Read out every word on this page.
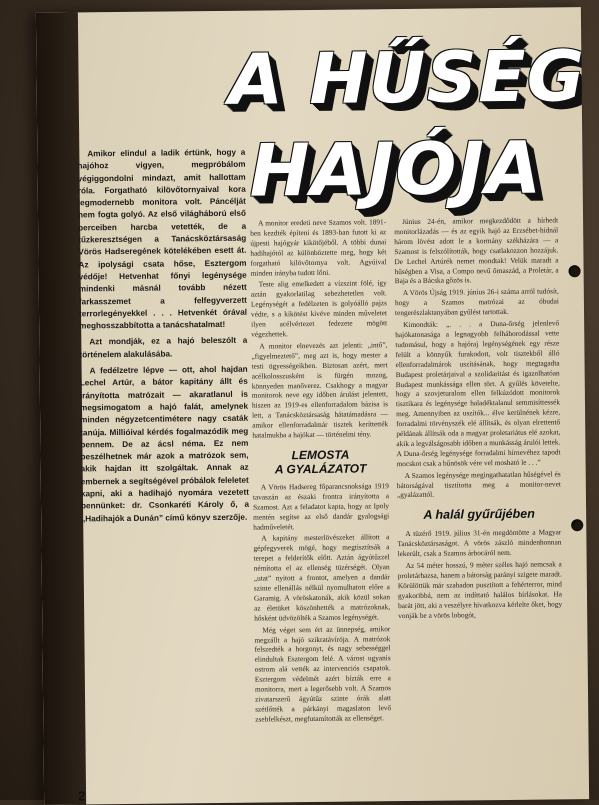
A HŰSÉG
HAJÓJA

Amikor elindul a ladik értünk, hogy a hajóhoz vigyen, megpróbálom végiggondolni mindazt, amit hallottam róla. Forgatható kilövőtornyaival kora legmodernebb monitora volt. Páncélját nem fogta golyó. Az első világháború első perceiben harcba vetették, de a tűzkeresztségen a Tanácsköztársaság Vörös Hadseregének kötelékében esett át. Az ipolysági csata hőse, Esztergom védője! Hetvenhat főnyi legénysége mindenki másnál tovább nézett farkasszemet a felfegyverzett terrorlegényekkel . . . Hetvenkét órával meghosszabbította a tanácshatalmat!

Azt mondják, ez a hajó beleszólt a történelem alakulásába.

A fedélzetre lépve — ott, ahol hajdan Lechel Artúr, a bátor kapitány állt és irányította matrózait — akaratlanul is megsimogatom a hajó falát, amelynek minden négyzetcentimétere nagy csaták tanúja. Millióival kérdés fogalmazódik meg bennem. De az ácsl néma. Ez nem beszélhetnek már azok a matrózok sem, akik hajdan itt szolgáltak. Annak az embernek a segítségével próbálok feleletet kapni, aki a hadihajó nyomára vezetett bennünket: dr. Csonkaréti Károly ő, a „Hadihajók a Dunán” című könyv szerzője.

A monitor eredeti neve Szamos volt. 1891-ben kezdték építeni és 1893-ban futott ki az újpesti hajógyár kikötőjéből. A többi dunai hadihajótól az különböztette meg, hogy két forgatható kilövőtornya volt. Agyúival minden irányba tudott lőni.

Teste alig emelkedett a vízszint fölé, így aztán gyakorlatilag sebezhetetlen volt. Legénységét a fedélzeten is golyóálló pajzs védte, s a kikötést kivéve minden műveletet ilyen acélvértezet fedezete mögött végezhettek.

A monitor elnevezés azt jelenti: „intő”, „figyelmeztető”, meg azt is, hogy mester a testi ügyességeikben. Biztosan azért, mert acélkolosszusként is fürgén mozog, könnyeden manőverez. Csakhogy a magyar monitorok neve egy időben árulást jelentett, hiszen az 1919-es ellenforradalom bázisa is lett, a Tanácsköztársaság hátatámadásra — amikor ellenforradalmár tisztek keríttették hatalmukba a hajókat — történelmi tény.

LEMOSTA
A GYALÁZATOT

A Vörös Hadsereg főparancsnoksága 1919 tavaszán az északi frontra irányította a Szamost. Azt a feladatot kapta, hogy az Ipoly mentén segítse az első dandár gyalogsági hadműveletét.

A kapitány mesterlövészeket állított a gépfegyverek mögé, hogy megtisztítsák a terepet a felderítők előtt. Aztán ágyútűzzel némította el az ellenség tüzérségét. Olyan „utat” nyitott a frontot, amelyen a dandár szinte ellenállás nélkül nyomulhatott előre a Garamig. A vöröskatonák, akik közül sokan az életüket köszönhették a matrózoknak, hősként üdvözölték a Szamos legénységét.

Még véget sem ért az ünnepség, amikor megzállt a hajó szikratávírója. A matrózok felszedték a horgonyt, és nagy sebességgel elindultak Esztergom felé. A várost ugyanis ostrom alá vették az intervenciós csapatok. Esztergom védelmét azért bízták erre a monitorra, mert a legerősebb volt. A Szamos zivatarszerű ágyútűz szinte órák alatt szétlőtték a párkányi magaslaton levő zsebfelkészt, megfutamították az ellenséget.

Június 24-én, amikor megkezdődött a hírhedt monitorlázadás — és az egyik hajó az Erzsébet-hídnál három lövést adott le a kormány székházára — a Szamost is felszólították, hogy csatlakozzon hozzájuk. De Lechel Artúrék nemet mondtak! Velük maradt a hűségben a Visa, a Compo nevű őrnaszád, a Proletár, a Baja és a Bácska gőzös is.

A Vörös Újság 1919. június 26-i száma arról tudósít, hogy a Szamos matrózai az óbudai tengerészlaktanyában gyűlést tartottak.

Kimondták: „. . . a Duna-őrség jelenlevő hajókatonasága a legnagyobb felháborodással vette tudomásul, hogy a hajóraj legénységének egy része felült a könnyűk furakodott, volt tisztekből álló ellenforradalmárok uszításának, hogy megtagadta Budapest proletárjaival a szolidaritást és igazolhatóan Budapest munkássága ellen tört. A gyűlés követelte, hogy a szovjeturalom ellen felkúzódott monitorok tisztikara és legénysége haladéktalanul semmisíttessék meg. Amennyiben az uszítók... élve kerülnének kézre, forradalmi törvényszék elé állítsák, és olyan elrettentő példának állítsák oda a magyar proletariátus elé azokat, akik a legválságosabb időben a munkásság árulói lettek. A Duna-őrség legénysége forradalmi hírnevéhez tapodt mocskot csak a bűnösök vére vel mosható le . . .”

A Szamos legénysége megingathatatlan hűségével és bátorságával tisztította meg a monitor-nevet „gyalázattól.

A halál gyűrűjében

A tüzérő 1919. július 31-én megdöntötte a Magyar Tanácsköztársaságot. A vörös zászló mindenhonnan lekerült, csak a Szamos árbocáról nem.

Az 54 méter hosszú, 9 méter széles hajó nemcsak a proletárhazsa, hanem a bátorság parányi szigete maradt. Körülöttük már szabadon pusztított a fehérterror, mind gyakoribbá, nem az indíttató halálos bírlásokat. Ha barát jött, aki a veszélyre hivatkozva kérlelte őket, hogy vonják be a vörös lobogót,

2
